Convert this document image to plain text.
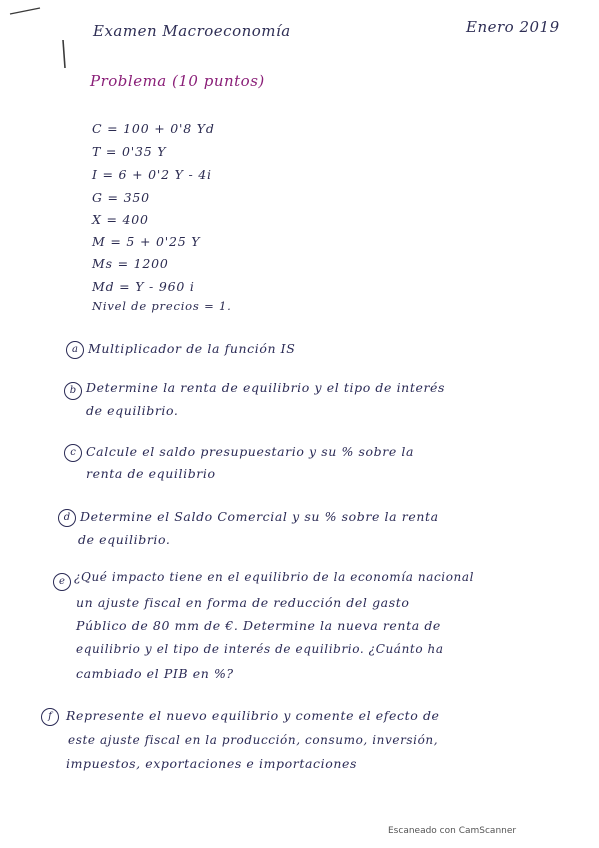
Examen Macroeconomía	Enero 2019
Problema (10 puntos)
C = 100 + 0'8 Yd
T = 0'35 Y
I = 6 + 0'2 Y - 4i
G = 350
X = 400
M = 5 + 0'25 Y
Ms = 1200
Md = Y - 960 i
Nivel de precios = 1.
a Multiplicador de la función IS
b Determine la renta de equilibrio y el tipo de interés
de equilibrio.
c Calcule el saldo presupuestario y su % sobre la
renta de equilibrio
d Determine el Saldo Comercial y su % sobre la renta
de equilibrio.
e ¿Qué impacto tiene en el equilibrio de la economía nacional
un ajuste fiscal en forma de reducción del gasto
Público de 80 mm de €. Determine la nueva renta de
equilibrio y el tipo de interés de equilibrio. ¿Cuánto ha
cambiado el PIB en %?
f	Represente el nuevo equilibrio y comente el efecto de
este ajuste fiscal en la producción, consumo, inversión,
impuestos, exportaciones e importaciones
Escaneado con CamScanner
